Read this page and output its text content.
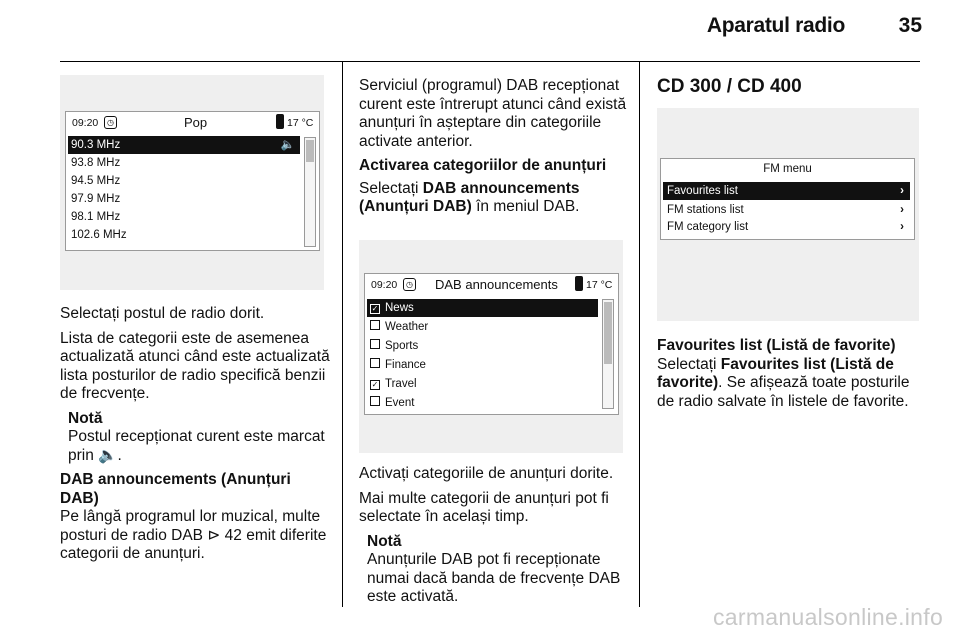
Aparatul radio	35
09:20	◷	Pop	17 °C
90.3 MHz	🔈
93.8 MHz
94.5 MHz
97.9 MHz
98.1 MHz
102.6 MHz

Selectați postul de radio dorit.

Lista de categorii este de asemenea actualizată atunci când este actualizată lista posturilor de radio specifică benzii de frecvențe.

Notă
Postul recepționat curent este marcat prin 🔈.
DAB announcements (Anunțuri DAB)

Pe lângă programul lor muzical, multe posturi de radio DAB ⊳ 42 emit diferite categorii de anunțuri.

Serviciul (programul) DAB recepționat curent este întrerupt atunci când există anunțuri în așteptare din categoriile activate anterior.

Activarea categoriilor de anunțuri

Selectați DAB announcements (Anunțuri DAB) în meniul DAB.

09:20	◷ DAB announcements	17 °C
✓ News
Weather
Sports
Finance
✓ Travel
Event

Activați categoriile de anunțuri dorite.

Mai multe categorii de anunțuri pot fi selectate în același timp.

Notă
Anunțurile DAB pot fi recepționate numai dacă banda de frecvențe DAB este activată.
CD 300 / CD 400
FM menu
Favourites list	›
FM stations list	›
FM category list	›
Favourites list (Listă de favorite)

Selectați Favourites list (Listă de favorite). Se afișează toate posturile de radio salvate în listele de favorite.

carmanualsonline.info
